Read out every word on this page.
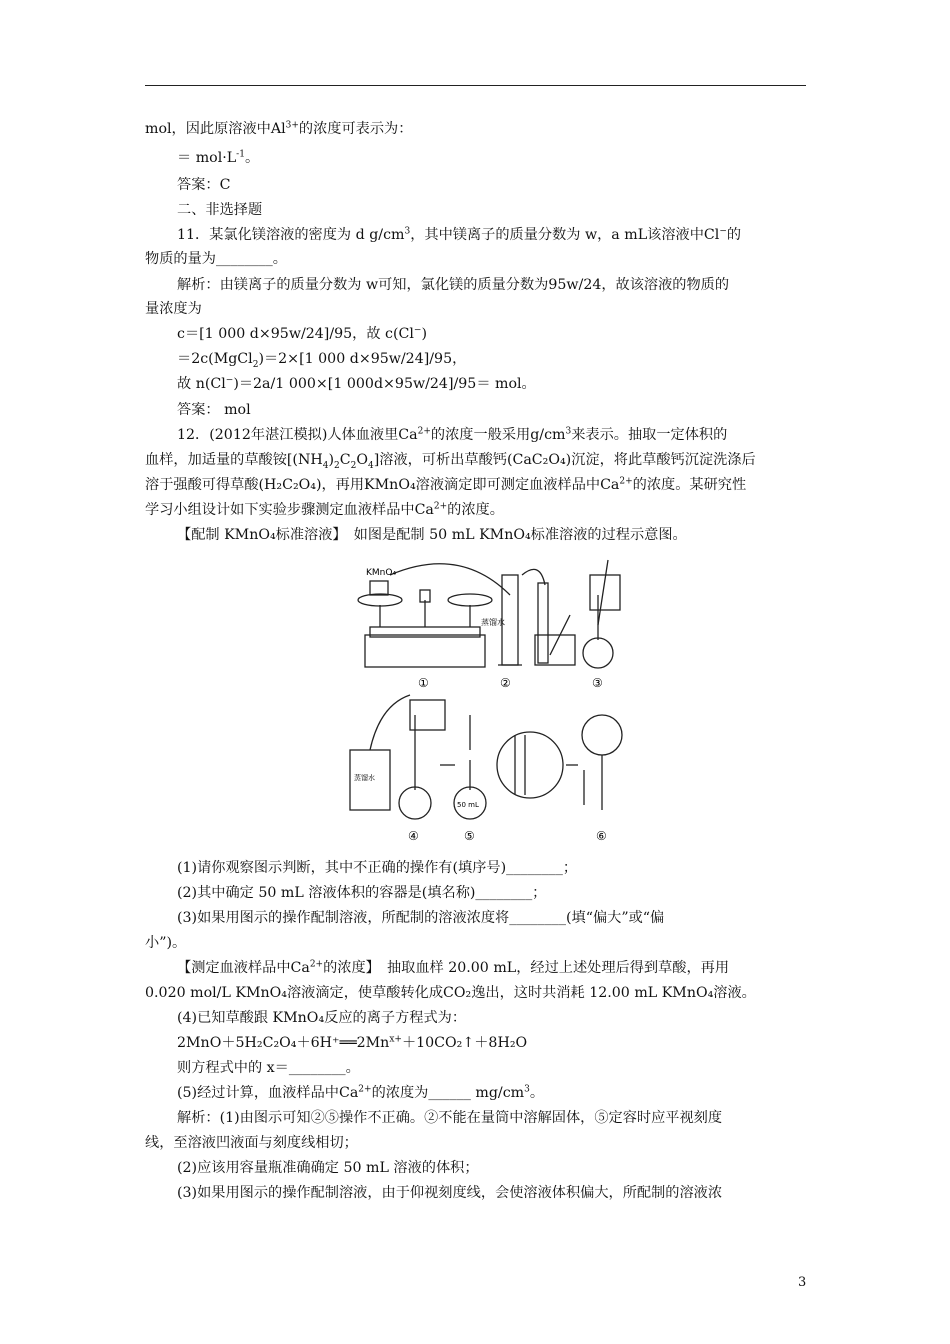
mol，因此原溶液中$Al^{3+}$的浓度可表示为：
＝ $mol\cdot L^{-1}$。
答案：C
二、非选择题
11．某氯化镁溶液的密度为 d $g/cm^3$，其中镁离子的质量分数为 w，a mL该溶液中Cl−的
物质的量为________。
解析：由镁离子的质量分数为 w可知，氯化镁的质量分数为95w/24，故该溶液的物质的
量浓度为
c＝[1 000 d×95w/24]/95，故 c(Cl−)
＝2c(MgCl$_2$)＝2×[1 000 d×95w/24]/95，
故 n(Cl−)＝2a/1 000×[1 000d×95w/24]/95＝ mol。
答案： mol
12．(2012年湛江模拟)人体血液里$Ca^{2+}$的浓度一般采用$g/cm^3$来表示。抽取一定体积的
血样，加适量的草酸铵$[(NH_4)_2C_2O_4]$溶液，可析出草酸钙(CaC₂O₄)沉淀，将此草酸钙沉淀洗涤后
溶于强酸可得草酸(H₂C₂O₄)，再用KMnO₄溶液滴定即可测定血液样品中$Ca^{2+}$的浓度。某研究性
学习小组设计如下实验步骤测定血液样品中$Ca^{2+}$的浓度。
【配制 KMnO₄标准溶液】　如图是配制 50 mL KMnO₄标准溶液的过程示意图。
KMnO₄
蒸馏水
蒸馏水
50 mL
①	②	③
④	⑤	⑥
(1)请你观察图示判断，其中不正确的操作有(填序号)________；
(2)其中确定 50 mL 溶液体积的容器是(填名称)________；
(3)如果用图示的操作配制溶液，所配制的溶液浓度将________(填“偏大”或“偏
小”)。
【测定血液样品中$Ca^{2+}$的浓度】　抽取血样 20.00 mL，经过上述处理后得到草酸，再用
0.020 mol/L KMnO₄溶液滴定，使草酸转化成CO₂逸出，这时共消耗 12.00 mL KMnO₄溶液。
(4)已知草酸跟 KMnO₄反应的离子方程式为：
$2MnO+5H_2C_2O_4+6H^+══2Mn^{x+}+10CO_2↑+8H_2O$
则方程式中的 x＝________。
(5)经过计算，血液样品中$Ca^{2+}$的浓度为______ $mg/cm^3$。
解析：(1)由图示可知②⑤操作不正确。②不能在量筒中溶解固体，⑤定容时应平视刻度
线，至溶液凹液面与刻度线相切；
(2)应该用容量瓶准确确定 50 mL 溶液的体积；
(3)如果用图示的操作配制溶液，由于仰视刻度线，会使溶液体积偏大，所配制的溶液浓
3
